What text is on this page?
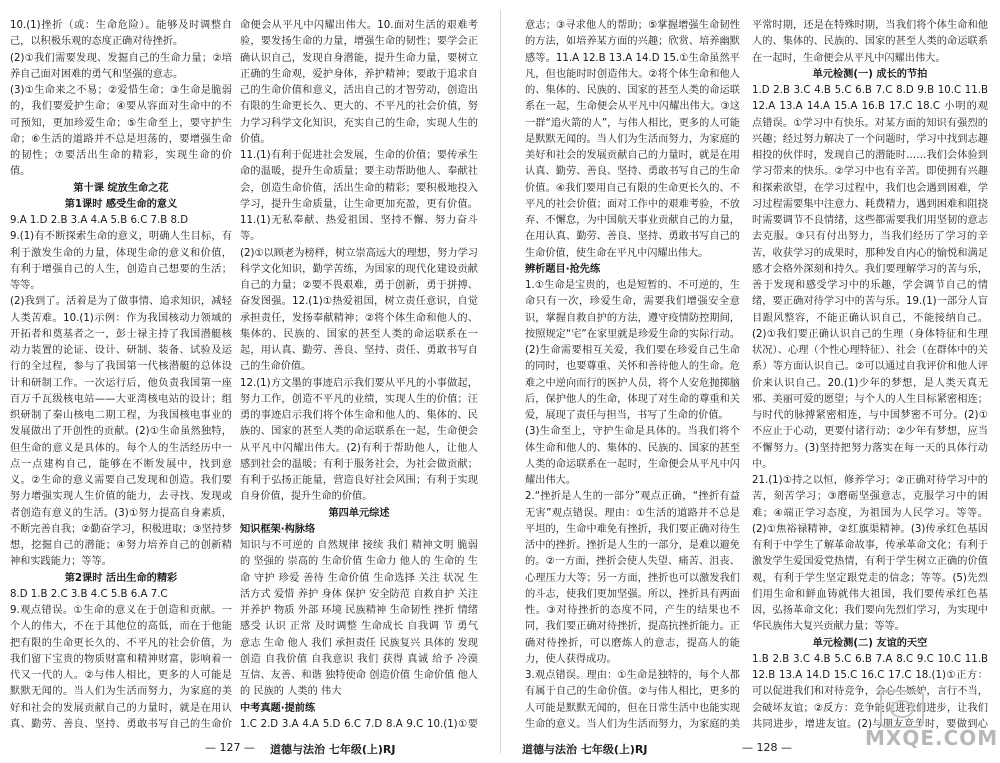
10.(1)挫折（或：生命危险）。能够及时调整自己，以积极乐观的态度正确对待挫折。

(2)①我们需要发现、发掘自己的生命力量；②培养自己面对困难的勇气和坚强的意志。

(3)①生命来之不易；②爱惜生命；③生命是脆弱的，我们要爱护生命；④要从容面对生命中的不可预知，更加珍爱生命；⑤生命至上，要守护生命；⑥生活的道路并不总是坦荡的，要增强生命的韧性；⑦要活出生命的精彩，实现生命的价值。

第十课 绽放生命之花

第1课时 感受生命的意义

9.A 1.D 2.B 3.A 4.A 5.B 6.C 7.B 8.D

9.(1)有不断探索生命的意义，明确人生目标，有利于激发生命的力量，体现生命的意义和价值，有利于增强自己的人生，创造自己想要的生活；等等。

(2)我到了。活着是为了做事情、追求知识，减轻人类苦难。10.(1)示例：作为我国核动力领域的开拓者和奠基者之一，彭士禄主持了我国潜艇核动力装置的论证、设计、研制、装备、试验及运行的全过程，参与了我国第一代核潜艇的总体设计和研制工作。一次运行后，他负责我国第一座百万千瓦级核电站——大亚湾核电站的设计；组织研制了秦山核电二期工程，为我国核电事业的发展做出了开创性的贡献。(2)①生命虽然独特，但生命的意义是具体的。每个人的生活经历中一点一点建构自己，能够在不断发展中，找到意义。②生命的意义需要自己发现和创造。我们要努力增强实现人生价值的能力，去寻找、发现或者创造有意义的生活。(3)①努力提高自身素质，不断完善自我；②勤奋学习，积极进取；③坚持梦想，挖掘自己的潜能；④努力培养自己的创新精神和实践能力；等等。

第2课时 活出生命的精彩

8.D 1.B 2.C 3.B 4.C 5.B 6.A 7.C

9.观点错误。①生命的意义在于创造和贡献。一个人的伟大，不在于其他位的高低，而在于他能把有限的生命更长久的、不平凡的社会价值，为我们留下宝贵的物质财富和精神财富，影响着一代又一代的人。②与伟人相比，更多的人可能是默默无闻的。当人们为生活而努力，为家庭的美好和社会的发展贡献自己的力量时，就是在用认真、勤劳、善良、坚持、勇敢书写自己的生命价

命便会从平凡中闪耀出伟大。10.面对生活的艰难考验，要发扬生命的力量，增强生命的韧性；要学会正确认识自己，发现自身潜能，提升生命力量，要树立正确的生命观，爱护身体，养护精神；要敢于追求自己的生命价值和意义，活出自己的才智劳动，创造出有限的生命更长久、更大的、不平凡的社会价值，努力学习科学文化知识，充实自己的生命，实现人生的价值。

11.(1)有利于促进社会发展，生命的价值；要传承生命的温暖，提升生命质量；要主动帮助他人、奉献社会，创造生命价值，活出生命的精彩；要积极地投入学习，提升生命质量，让生命更加充盈，更有价值。11.(1)无私奉献、热爱祖国、坚持不懈、努力奋斗等。

(2)①以顾老为榜样，树立崇高远大的理想，努力学习科学文化知识，勤学苦练，为国家的现代化建设贡献自己的力量；②要不畏艰难，勇于创新，勇于拼搏、奋发图强。12.(1)①热爱祖国，树立责任意识，自觉承担责任，发扬奉献精神；②将个体生命和他人的、集体的、民族的、国家的甚至人类的命运联系在一起，用认真、勤劳、善良、坚持、责任、勇敢书写自己的生命价值。

12.(1)方文墨的事迹启示我们要从平凡的小事做起，努力工作，创造不平凡的业绩，实现人生的价值；汪勇的事迹启示我们将个体生命和他人的、集体的、民族的、国家的甚至人类的命运联系在一起，生命便会从平凡中闪耀出伟大。(2)有利于帮助他人，让他人感到社会的温暖；有利于服务社会，为社会做贡献；有利于弘扬正能量，营造良好社会风围；有利于实现自身价值，提升生命的价值。

第四单元综述

知识框架·构脉络

知识与不可逆的 自然规律 接续 我们 精神文明 脆弱的 坚强的 崇高的 生命价值 生命力 他人的 生命的 生命 守护 珍爱 善待 生命价值 生命选择 关注 状况 生活方式 爱惜 养护 身体 保护 安全防范 自救自护 关注并养护 物质 外部 环境 民族精神 生命韧性 挫折 情绪感受 认识 正常 及时调整 生命成长 自我调 节 勇气 意志 生命 他人 我们 承担责任 民族复兴 具体的 发现 创造 自我价值 自我意识 我们 获得 真诚 给予 冷漠 互信、友善、和谐 独特使命 创造价值 生命价值 他人的 民族的 人类的 伟大

中考真题·提前练

1.C 2.D 3.A 4.A 5.D 6.C 7.D 8.A 9.C 10.(1)①要

意志；③寻求他人的帮助；⑤掌握增强生命韧性的方法，如培养某方面的兴趣；欣赏、培养幽默感等。11.A 12.B 13.A 14.D 15.①生命虽然平凡，但也能时时创造伟大。②将个体生命和他人的、集体的、民族的、国家的甚至人类的命运联系在一起，生命便会从平凡中闪耀出伟大。③这一群“追火箭的人”，与伟人相比，更多的人可能是默默无闻的。当人们为生活而努力，为家庭的美好和社会的发展贡献自己的力量时，就是在用认真、勤劳、善良、坚持、勇敢书写自己的生命价值。④我们要用自己有限的生命更长久的、不平凡的社会价值；面对工作中的艰难考验，不放弃、不懈怠，为中国航天事业贡献自己的力量，在用认真、勤劳、善良、坚持、勇敢书写自己的生命价值，使生命在平凡中闪耀出伟大。

辨析题目·抢先练

1.①生命是宝贵的，也是短暂的、不可逆的，生命只有一次，珍爱生命，需要我们增强安全意识，掌握自救自护的方法，遵守疫情防控期间，按照规定“宅”在家里就是珍爱生命的实际行动。(2)生命需要相互关爱，我们要在珍爱自己生命的同时，也要尊重、关怀和善待他人的生命。危难之中逆向而行的医护人员，将个人安危抛掷脑后，保护他人的生命，体现了对生命的尊重和关爱，展现了责任与担当，书写了生命的价值。

(3)生命至上，守护生命是具体的。当我们将个体生命和他人的、集体的、民族的、国家的甚至人类的命运联系在一起时，生命便会从平凡中闪耀出伟大。

2.“挫折是人生的一部分”观点正确，“挫折有益无害”观点错误。理由：①生活的道路并不总是平坦的，生命中难免有挫折，我们要正确对待生活中的挫折。挫折是人生的一部分，是难以避免的。②一方面，挫折会使人失望、痛苦、沮丧、心理压力大等；另一方面，挫折也可以激发我们的斗志，使我们更加坚强。所以，挫折具有两面性。③对待挫折的态度不同，产生的结果也不同，我们要正确对待挫折，提高抗挫折能力。正确对待挫折，可以磨炼人的意志，提高人的能力，使人获得成功。

3.观点错误。理由：①生命是独特的，每个人都有属于自己的生命价值。②与伟人相比，更多的人可能是默默无闻的，但在日常生活中也能实现生命的意义。当人们为生活而努力，为家庭的美

平常时期，还是在特殊时期，当我们将个体生命和他人的、集体的、民族的、国家的甚至人类的命运联系在一起时，生命便会从平凡中闪耀出伟大。

单元检测(一) 成长的节拍

1.D 2.B 3.C 4.B 5.C 6.B 7.C 8.D 9.B 10.C 11.B 12.A 13.A 14.A 15.A 16.B 17.C 18.C 小明的观点错误。①学习中有快乐。对某方面的知识有强烈的兴趣；经过努力解决了一个问题时，学习中找到志趣相投的伙伴时，发现自己的潜能时……我们会体验到学习带来的快乐。②学习中也有辛苦。即使拥有兴趣和探索欲望，在学习过程中，我们也会遇到困难，学习过程需要集中注意力、耗费精力，遇到困难和阻挠时需要调节不良情绪，这些都需要我们用坚韧的意志去克服。③只有付出努力，当我们经历了学习的辛苦，收获学习的成果时，那种发自内心的愉悦和满足感才会格外深刻和持久。我们要理解学习的苦与乐，善于发现和感受学习中的乐趣，学会调节自己的情绪，要正确对待学习中的苦与乐。19.(1)一部分人盲目跟风整容，不能正确认识自己，不能接纳自己。(2)①我们要正确认识自己的生理（身体特征和生理状况）、心理（个性心理特征）、社会（在群体中的关系）等方面认识自己。②可以通过自我评价和他人评价来认识自己。20.(1)少年的梦想，是人类天真无邪、美丽可爱的愿望；与个人的人生目标紧密相连；与时代的脉搏紧密相连，与中国梦密不可分。(2)①不应止于心动，更要付诸行动；②少年有梦想，应当不懈努力。(3)坚持把努力落实在每一天的具体行动中。

21.(1)①持之以恒，修养学习；②正确对待学习中的苦，刻苦学习；③磨砺坚强意志，克服学习中的困难；④端正学习态度，为祖国为人民学习。等等。(2)①焦裕禄精神，②红旗渠精神。(3)传承红色基因有利于中学生了解革命故事，传承革命文化；有利于激发学生爱国爱党热情，有利于学生树立正确的价值观，有利于学生坚定跟党走的信念；等等。(5)先烈们用生命和鲜血铸就伟大祖国，我们要传承红色基因，弘扬革命文化；我们要向先烈们学习，为实现中华民族伟大复兴贡献力量；等等。

单元检测(二) 友谊的天空

1.B 2.B 3.C 4.B 5.C 6.B 7.A 8.C 9.C 10.C 11.B 12.B 13.A 14.D 15.C 16.C 17.C 18.(1)①正方：可以促进我们和对待竞争，会心生嫉妒，言行不当，会破坏友谊；②反方：竞争能促进我们进步，让我们共同进步，增进友谊。(2)与朋友竞争时，要做到心

— 127 — 道德与法治 七年级(上)RJ	道德与法治 七年级(上)RJ	— 128 —	MXQE.COM
